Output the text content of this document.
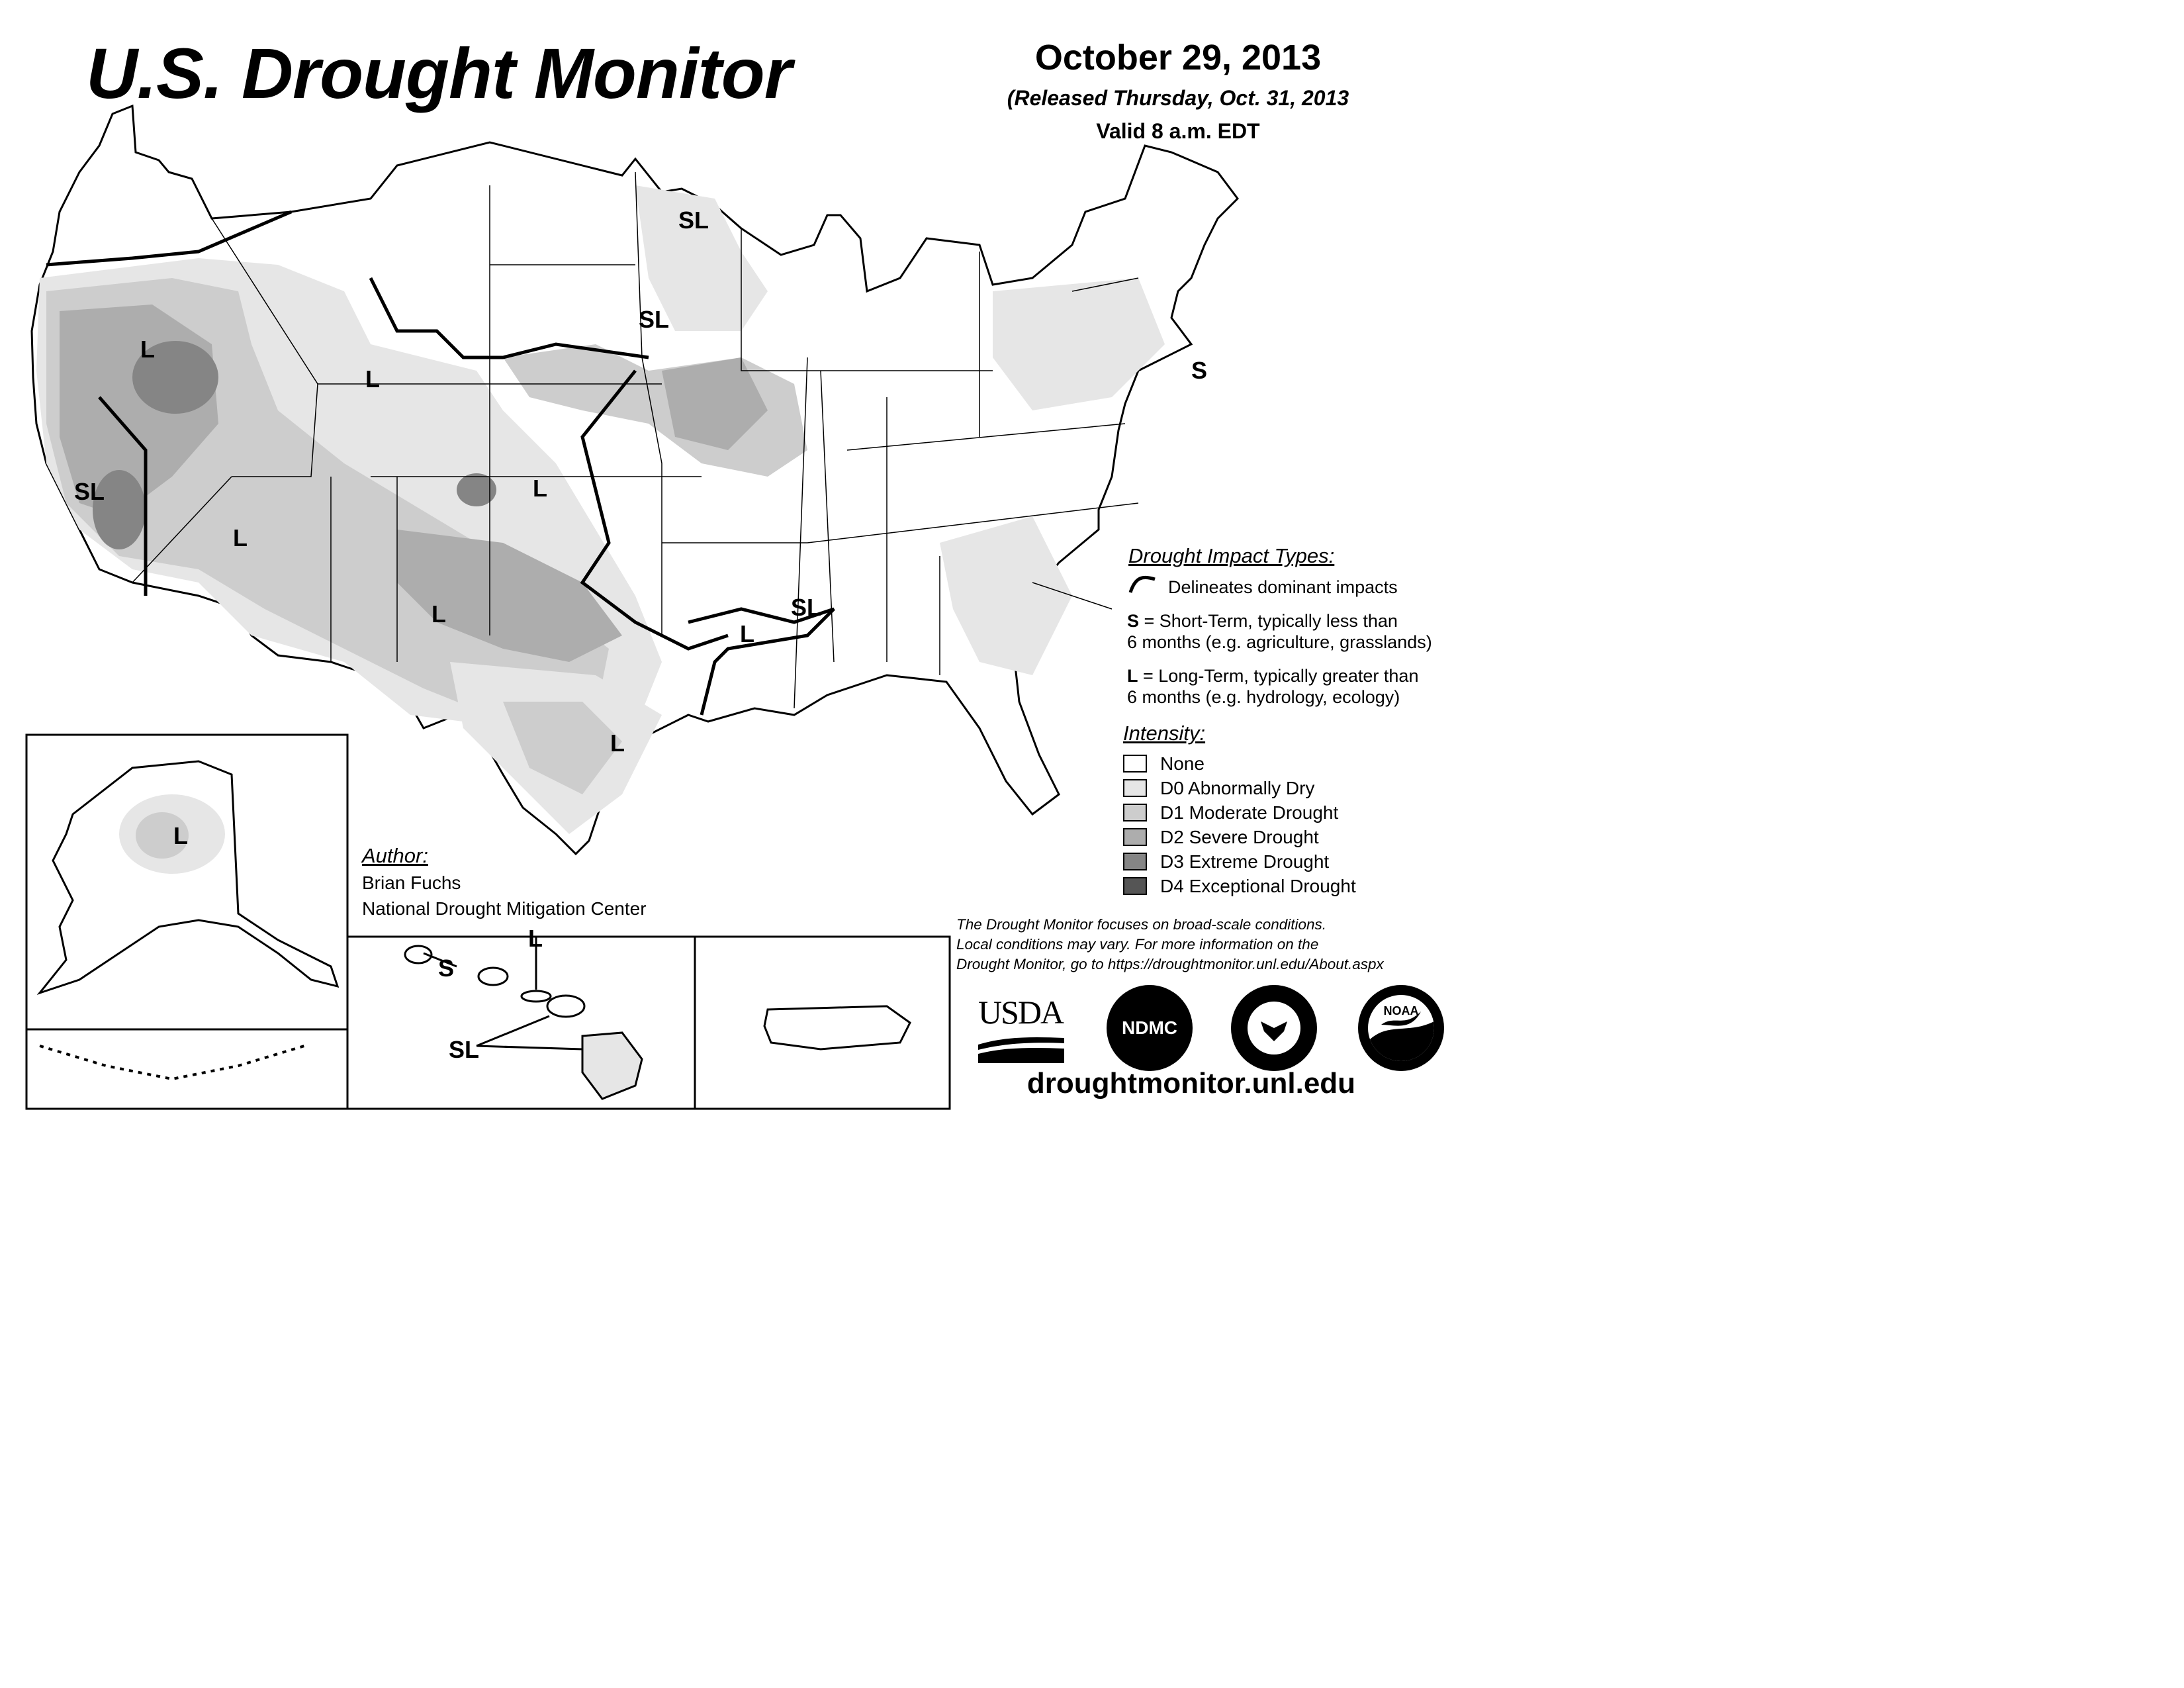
U.S. Drought Monitor	October 29, 2013
(Released Thursday, Oct. 31, 2013
Valid 8 a.m. EDT
SL
SL
L
L
SL
L
L
L
L
SL
L
S
L
S
L
SL
Drought Impact Types:
Delineates dominant impacts
S = Short-Term, typically less than
6 months (e.g. agriculture, grasslands)
L = Long-Term, typically greater than
6 months (e.g. hydrology, ecology)
Intensity:
None
D0 Abnormally Dry
D1 Moderate Drought
D2 Severe Drought
D3 Extreme Drought
D4 Exceptional Drought
Author:
Brian Fuchs
National Drought Mitigation Center
The Drought Monitor focuses on broad-scale conditions.
Local conditions may vary. For more information on the
Drought Monitor, go to https://droughtmonitor.unl.edu/About.aspx
USDA	NDMC
NOAA
droughtmonitor.unl.edu
